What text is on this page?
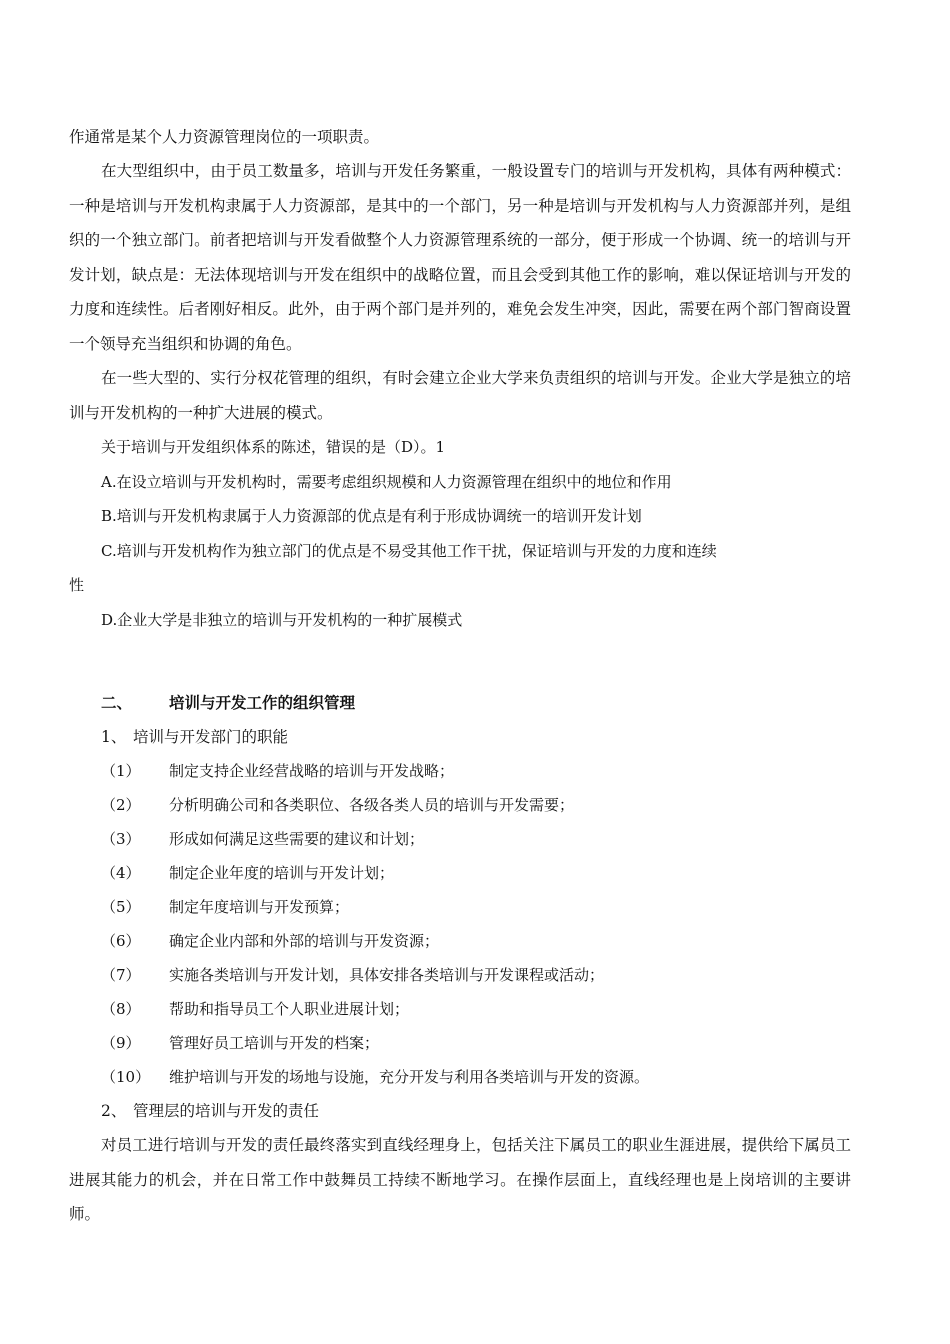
作通常是某个人力资源管理岗位的一项职责。

在大型组织中，由于员工数量多，培训与开发任务繁重，一般设置专门的培训与开发机构，具体有两种模式：一种是培训与开发机构隶属于人力资源部，是其中的一个部门，另一种是培训与开发机构与人力资源部并列，是组织的一个独立部门。前者把培训与开发看做整个人力资源管理系统的一部分，便于形成一个协调、统一的培训与开发计划，缺点是：无法体现培训与开发在组织中的战略位置，而且会受到其他工作的影响，难以保证培训与开发的力度和连续性。后者刚好相反。此外，由于两个部门是并列的，难免会发生冲突，因此，需要在两个部门智商设置一个领导充当组织和协调的角色。

在一些大型的、实行分权花管理的组织，有时会建立企业大学来负责组织的培训与开发。企业大学是独立的培训与开发机构的一种扩大进展的模式。

关于培训与开发组织体系的陈述，错误的是（D）。1

A.在设立培训与开发机构时，需要考虑组织规模和人力资源管理在组织中的地位和作用

B.培训与开发机构隶属于人力资源部的优点是有利于形成协调统一的培训开发计划

C.培训与开发机构作为独立部门的优点是不易受其他工作干扰，保证培训与开发的力度和连续

性

D.企业大学是非独立的培训与开发机构的一种扩展模式

二、 培训与开发工作的组织管理
1、 培训与开发部门的职能
（1） 制定支持企业经营战略的培训与开发战略；
（2） 分析明确公司和各类职位、各级各类人员的培训与开发需要；
（3） 形成如何满足这些需要的建议和计划；
（4） 制定企业年度的培训与开发计划；
（5） 制定年度培训与开发预算；
（6） 确定企业内部和外部的培训与开发资源；
（7） 实施各类培训与开发计划，具体安排各类培训与开发课程或活动；
（8） 帮助和指导员工个人职业进展计划；
（9） 管理好员工培训与开发的档案；
（10） 维护培训与开发的场地与设施，充分开发与利用各类培训与开发的资源。
2、 管理层的培训与开发的责任

对员工进行培训与开发的责任最终落实到直线经理身上，包括关注下属员工的职业生涯进展，提供给下属员工进展其能力的机会，并在日常工作中鼓舞员工持续不断地学习。在操作层面上，直线经理也是上岗培训的主要讲师。
